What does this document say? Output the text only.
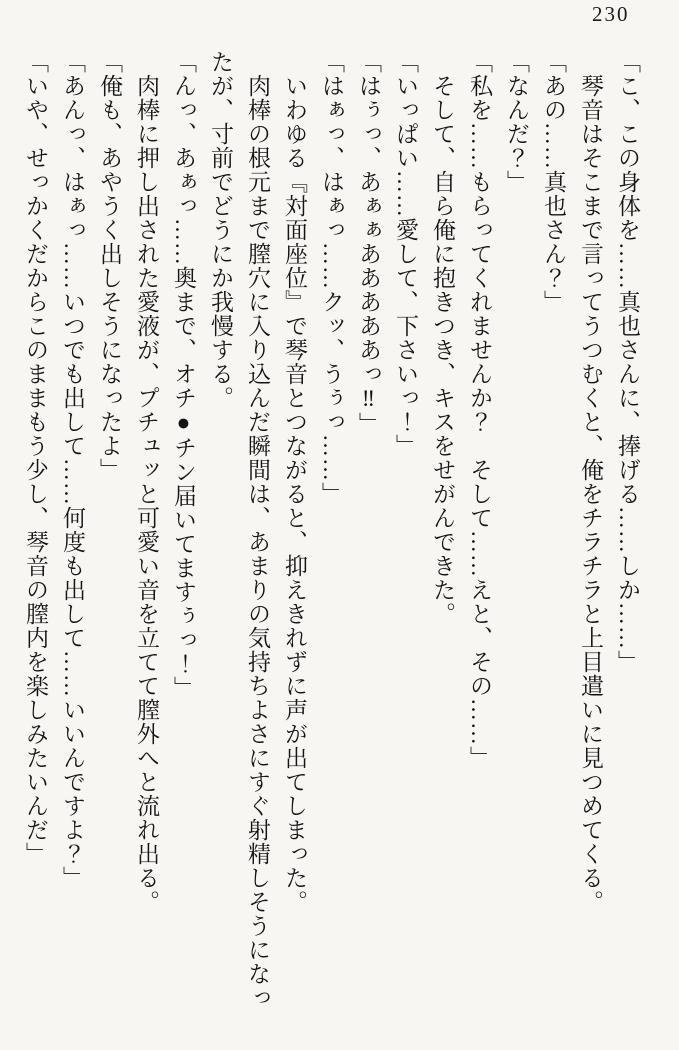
230

「こ、この身体を……真也さんに、捧げる……しか……」

琴音はそこまで言ってうつむくと、俺をチラチラと上目遣いに見つめてくる。

「あの……真也さん？」

「なんだ？」

「私を……もらってくれませんか？　そして……えと、その……」

そして、自ら俺に抱きつき、キスをせがんできた。

「いっぱい……愛して、下さいっ！」

「はぅっ、あぁぁあああああっ‼」

「はぁっ、はぁっ……クッ、うぅっ……」

いわゆる『対面座位』で琴音とつながると、抑えきれずに声が出てしまった。

肉棒の根元まで膣穴に入り込んだ瞬間は、あまりの気持ちよさにすぐ射精しそうになっ

たが、寸前でどうにか我慢する。

「んっ、あぁっ……奥まで、オチ●チン届いてますぅっ！」

肉棒に押し出された愛液が、プチュッと可愛い音を立てて膣外へと流れ出る。

「俺も、あやうく出しそうになったよ」

「あんっ、はぁっ……いつでも出して……何度も出して……いいんですよ？」

「いや、せっかくだからこのままもう少し、琴音の膣内を楽しみたいんだ」
